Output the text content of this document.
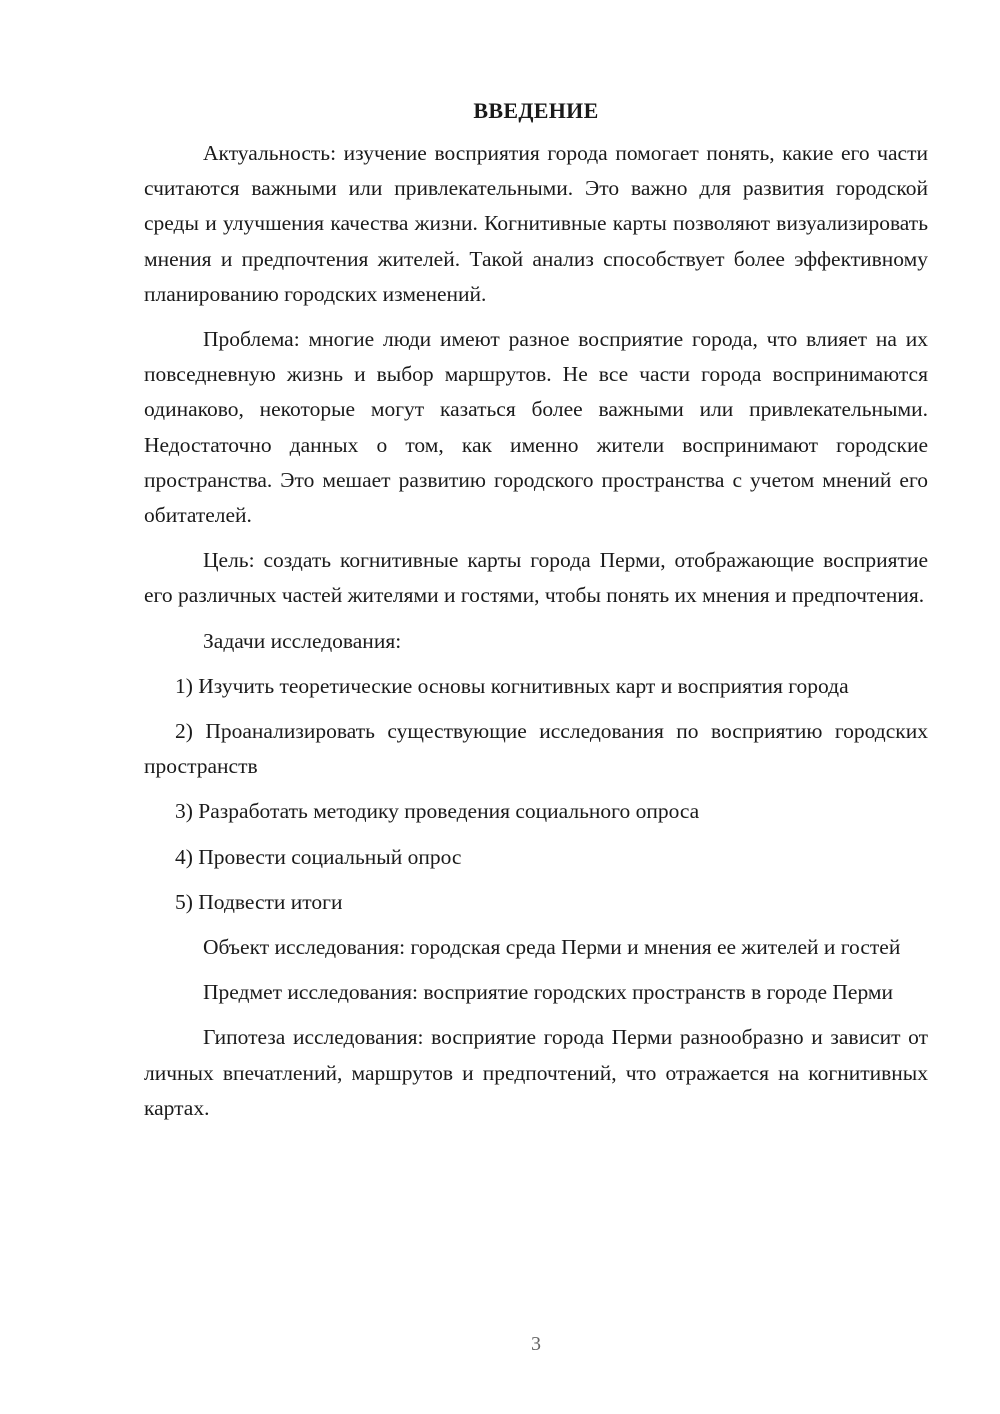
ВВЕДЕНИЕ

Актуальность: изучение восприятия города помогает понять, какие его части считаются важными или привлекательными. Это важно для развития городской среды и улучшения качества жизни. Когнитивные карты позволяют визуализировать мнения и предпочтения жителей. Такой анализ способствует более эффективному планированию городских изменений.

Проблема: многие люди имеют разное восприятие города, что влияет на их повседневную жизнь и выбор маршрутов. Не все части города воспринимаются одинаково, некоторые могут казаться более важными или привлекательными. Недостаточно данных о том, как именно жители воспринимают городские пространства. Это мешает развитию городского пространства с учетом мнений его обитателей.

Цель: создать когнитивные карты города Перми, отображающие восприятие его различных частей жителями и гостями, чтобы понять их мнения и предпочтения.

Задачи исследования:

1) Изучить теоретические основы когнитивных карт и восприятия города

2) Проанализировать существующие исследования по восприятию городских пространств

3) Разработать методику проведения социального опроса

4) Провести социальный опрос

5) Подвести итоги

Объект исследования: городская среда Перми и мнения ее жителей и гостей

Предмет исследования: восприятие городских пространств в городе Перми

Гипотеза исследования: восприятие города Перми разнообразно и зависит от личных впечатлений, маршрутов и предпочтений, что отражается на когнитивных картах.

3
